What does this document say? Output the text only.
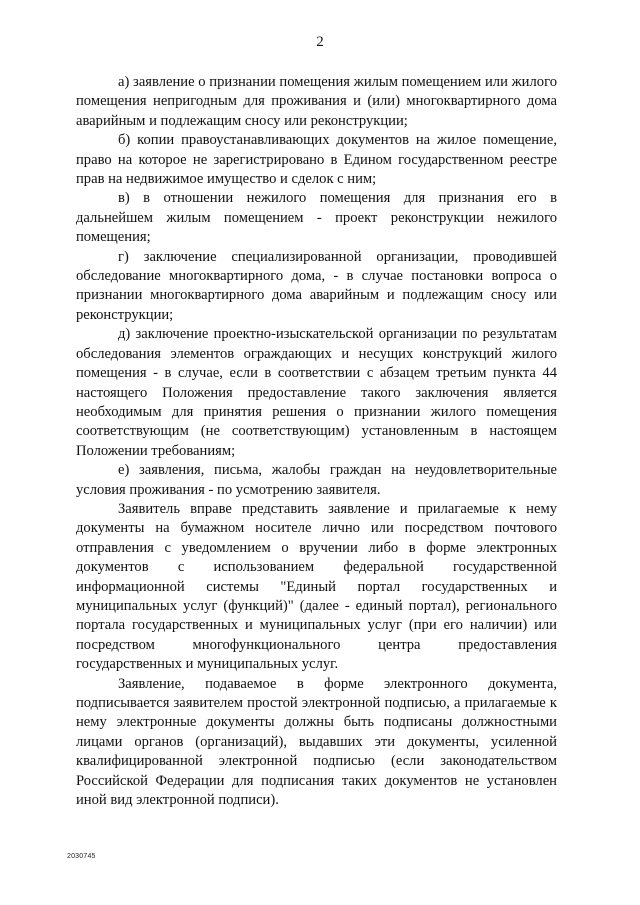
2

а) заявление о признании помещения жилым помещением или жилого помещения непригодным для проживания и (или) многоквартирного дома аварийным и подлежащим сносу или реконструкции;

б) копии правоустанавливающих документов на жилое помещение, право на которое не зарегистрировано в Едином государственном реестре прав на недвижимое имущество и сделок с ним;

в) в отношении нежилого помещения для признания его в дальнейшем жилым помещением - проект реконструкции нежилого помещения;

г) заключение специализированной организации, проводившей обследование многоквартирного дома, - в случае постановки вопроса о признании многоквартирного дома аварийным и подлежащим сносу или реконструкции;

д) заключение проектно-изыскательской организации по результатам обследования элементов ограждающих и несущих конструкций жилого помещения - в случае, если в соответствии с абзацем третьим пункта 44 настоящего Положения предоставление такого заключения является необходимым для принятия решения о признании жилого помещения соответствующим (не соответствующим) установленным в настоящем Положении требованиям;

е) заявления, письма, жалобы граждан на неудовлетворительные условия проживания - по усмотрению заявителя.

Заявитель вправе представить заявление и прилагаемые к нему документы на бумажном носителе лично или посредством почтового отправления с уведомлением о вручении либо в форме электронных документов с использованием федеральной государственной информационной системы "Единый портал государственных и муниципальных услуг (функций)" (далее - единый портал), регионального портала государственных и муниципальных услуг (при его наличии) или посредством многофункционального центра предоставления государственных и муниципальных услуг.

Заявление, подаваемое в форме электронного документа, подписывается заявителем простой электронной подписью, а прилагаемые к нему электронные документы должны быть подписаны должностными лицами органов (организаций), выдавших эти документы, усиленной квалифицированной электронной подписью (если законодательством Российской Федерации для подписания таких документов не установлен иной вид электронной подписи).

2030745
